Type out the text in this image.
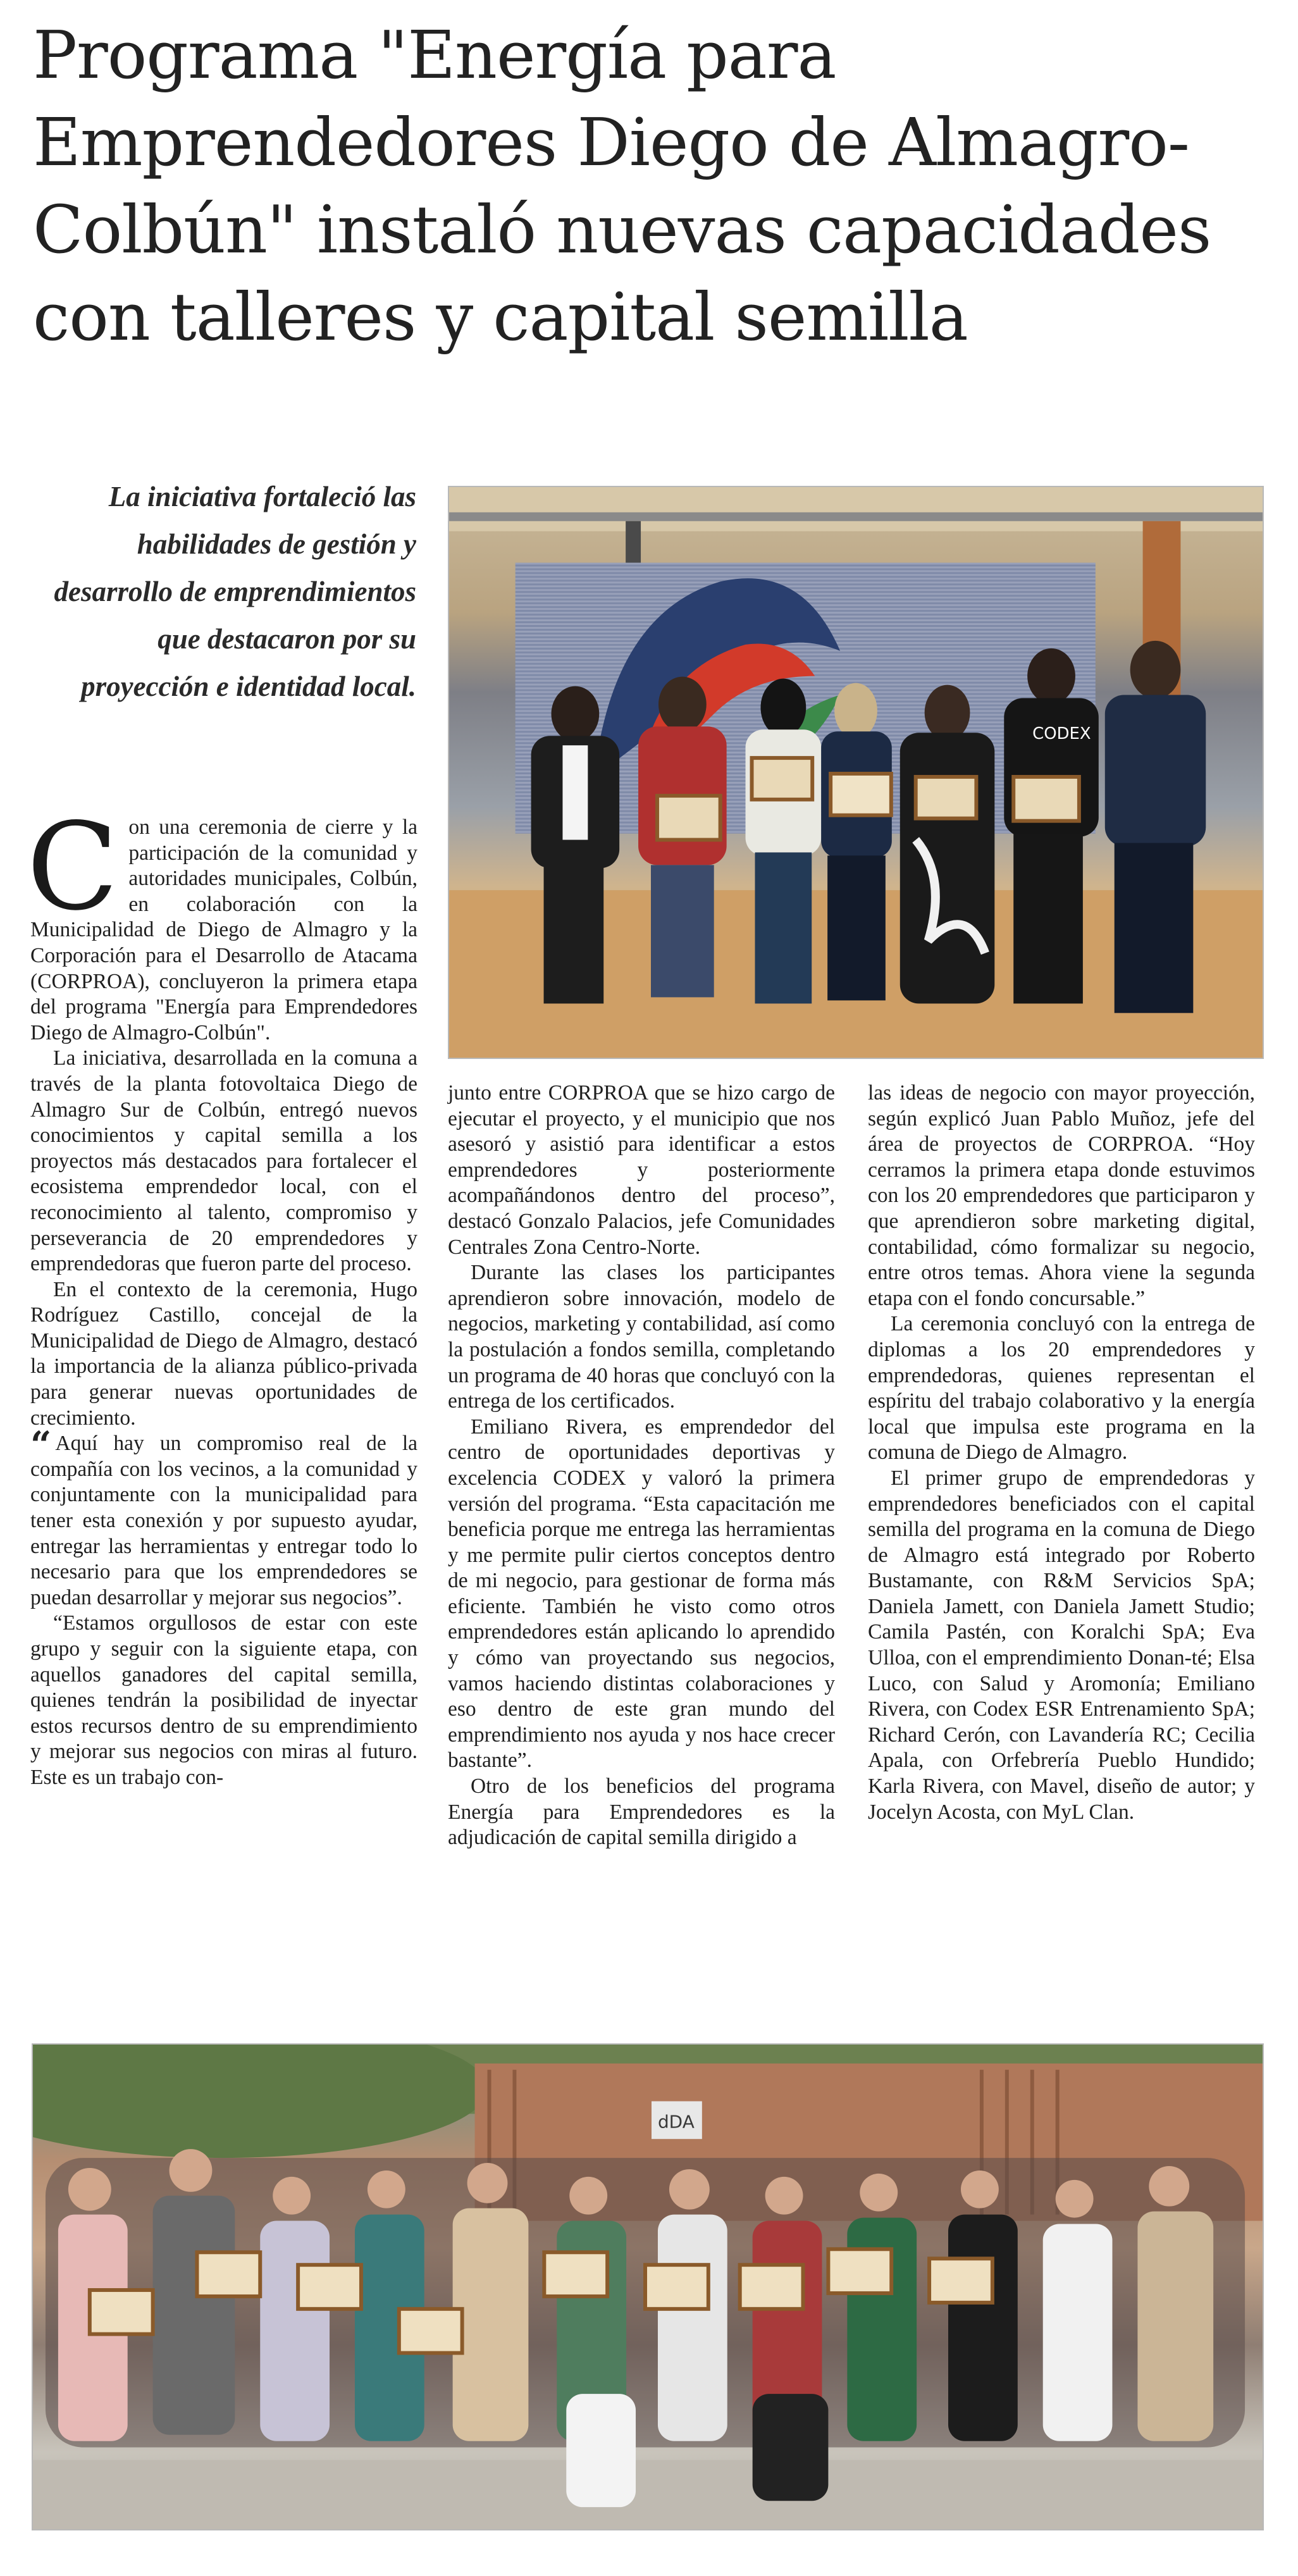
Programa "Energía para Emprendedores Diego de Almagro-Colbún" instaló nuevas capacidades con talleres y capital semilla

La iniciativa fortaleció las habilidades de gestión y desarrollo de emprendimientos que destacaron por su proyección e identidad local.

CODEX

Con una ceremonia de cierre y la participación de la comunidad y autoridades municipales, Colbún, en colaboración con la Municipalidad de Diego de Almagro y la Corporación para el Desarrollo de Atacama (CORPROA), concluyeron la primera etapa del programa "Energía para Emprendedores Diego de Almagro-Colbún".

La iniciativa, desarrollada en la comuna a través de la planta fotovoltaica Diego de Almagro Sur de Colbún, entregó nuevos conocimientos y capital semilla a los proyectos más destacados para fortalecer el ecosistema emprendedor local, con el reconocimiento al talento, compromiso y perseverancia de 20 emprendedores y emprendedoras que fueron parte del proceso.

En el contexto de la ceremonia, Hugo Rodríguez Castillo, concejal de la Municipalidad de Diego de Almagro, destacó la importancia de la alianza público-privada para generar nuevas oportunidades de crecimiento.

“ Aquí hay un compromiso real de la compañía con los vecinos, a la comunidad y conjuntamente con la municipalidad para tener esta conexión y por supuesto ayudar, entregar las herramientas y entregar todo lo necesario para que los emprendedores se puedan desarrollar y mejorar sus negocios”.

“Estamos orgullosos de estar con este grupo y seguir con la siguiente etapa, con aquellos ganadores del capital semilla, quienes tendrán la posibilidad de inyectar estos recursos dentro de su emprendimiento y mejorar sus negocios con miras al futuro. Este es un trabajo con-

junto entre CORPROA que se hizo cargo de ejecutar el proyecto, y el municipio que nos asesoró y asistió para identificar a estos emprendedores y posteriormente acompañándonos dentro del proceso”, destacó Gonzalo Palacios, jefe Comunidades Centrales Zona Centro-Norte.

Durante las clases los participantes aprendieron sobre innovación, modelo de negocios, marketing y contabilidad, así como la postulación a fondos semilla, completando un programa de 40 horas que concluyó con la entrega de los certificados.

Emiliano Rivera, es emprendedor del centro de oportunidades deportivas y excelencia CODEX y valoró la primera versión del programa. “Esta capacitación me beneficia porque me entrega las herramientas y me permite pulir ciertos conceptos dentro de mi negocio, para gestionar de forma más eficiente. También he visto como otros emprendedores están aplicando lo aprendido y cómo van proyectando sus negocios, vamos haciendo distintas colaboraciones y eso dentro de este gran mundo del emprendimiento nos ayuda y nos hace crecer bastante”.

Otro de los beneficios del programa Energía para Emprendedores es la adjudicación de capital semilla dirigido a

las ideas de negocio con mayor proyección, según explicó Juan Pablo Muñoz, jefe del área de proyectos de CORPROA. “Hoy cerramos la primera etapa donde estuvimos con los 20 emprendedores que participaron y que aprendieron sobre marketing digital, contabilidad, cómo formalizar su negocio, entre otros temas. Ahora viene la segunda etapa con el fondo concursable.”

La ceremonia concluyó con la entrega de diplomas a los 20 emprendedores y emprendedoras, quienes representan el espíritu del trabajo colaborativo y la energía local que impulsa este programa en la comuna de Diego de Almagro.

El primer grupo de emprendedoras y emprendedores beneficiados con el capital semilla del programa en la comuna de Diego de Almagro está integrado por Roberto Bustamante, con R&M Servicios SpA; Daniela Jamett, con Daniela Jamett Studio; Camila Pastén, con Koralchi SpA; Eva Ulloa, con el emprendimiento Donan-té; Elsa Luco, con Salud y Aromonía; Emiliano Rivera, con Codex ESR Entrenamiento SpA; Richard Cerón, con Lavandería RC; Cecilia Apala, con Orfebrería Pueblo Hundido; Karla Rivera, con Mavel, diseño de autor; y Jocelyn Acosta, con MyL Clan.

dDA
